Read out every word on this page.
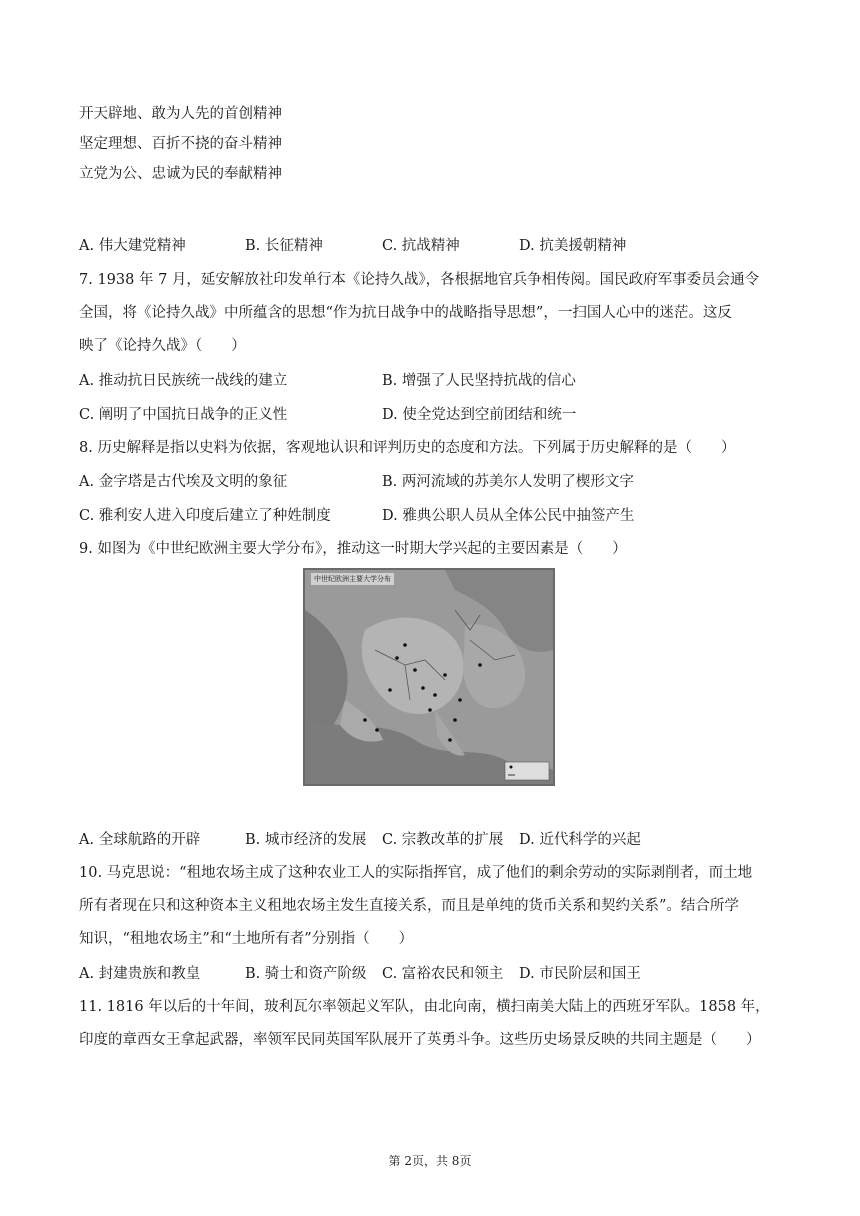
开天辟地、敢为人先的首创精神
坚定理想、百折不挠的奋斗精神
立党为公、忠诚为民的奉献精神
A. 伟大建党精神	B. 长征精神	C. 抗战精神	D. 抗美援朝精神
7. 1938 年 7 月，延安解放社印发单行本《论持久战》，各根据地官兵争相传阅。国民政府军事委员会通令
全国，将《论持久战》中所蕴含的思想“作为抗日战争中的战略指导思想”，一扫国人心中的迷茫。这反
映了《论持久战》（　　）
A. 推动抗日民族统一战线的建立	B. 增强了人民坚持抗战的信心
C. 阐明了中国抗日战争的正义性	D. 使全党达到空前团结和统一
8. 历史解释是指以史料为依据，客观地认识和评判历史的态度和方法。下列属于历史解释的是（　　）
A. 金字塔是古代埃及文明的象征	B. 两河流域的苏美尔人发明了楔形文字
C. 雅利安人进入印度后建立了种姓制度	D. 雅典公职人员从全体公民中抽签产生
9. 如图为《中世纪欧洲主要大学分布》，推动这一时期大学兴起的主要因素是（　　）
中世纪欧洲主要大学分布
A. 全球航路的开辟	B. 城市经济的发展 C. 宗教改革的扩展 D. 近代科学的兴起
10. 马克思说：“租地农场主成了这种农业工人的实际指挥官，成了他们的剩余劳动的实际剥削者，而土地
所有者现在只和这种资本主义租地农场主发生直接关系，而且是单纯的货币关系和契约关系”。结合所学
知识，“租地农场主”和“土地所有者”分别指（　　）
A. 封建贵族和教皇	B. 骑士和资产阶级 C. 富裕农民和领主 D. 市民阶层和国王
11. 1816 年以后的十年间，玻利瓦尔率领起义军队，由北向南，横扫南美大陆上的西班牙军队。1858 年，
印度的章西女王拿起武器，率领军民同英国军队展开了英勇斗争。这些历史场景反映的共同主题是（　　）
第 2页，共 8页
